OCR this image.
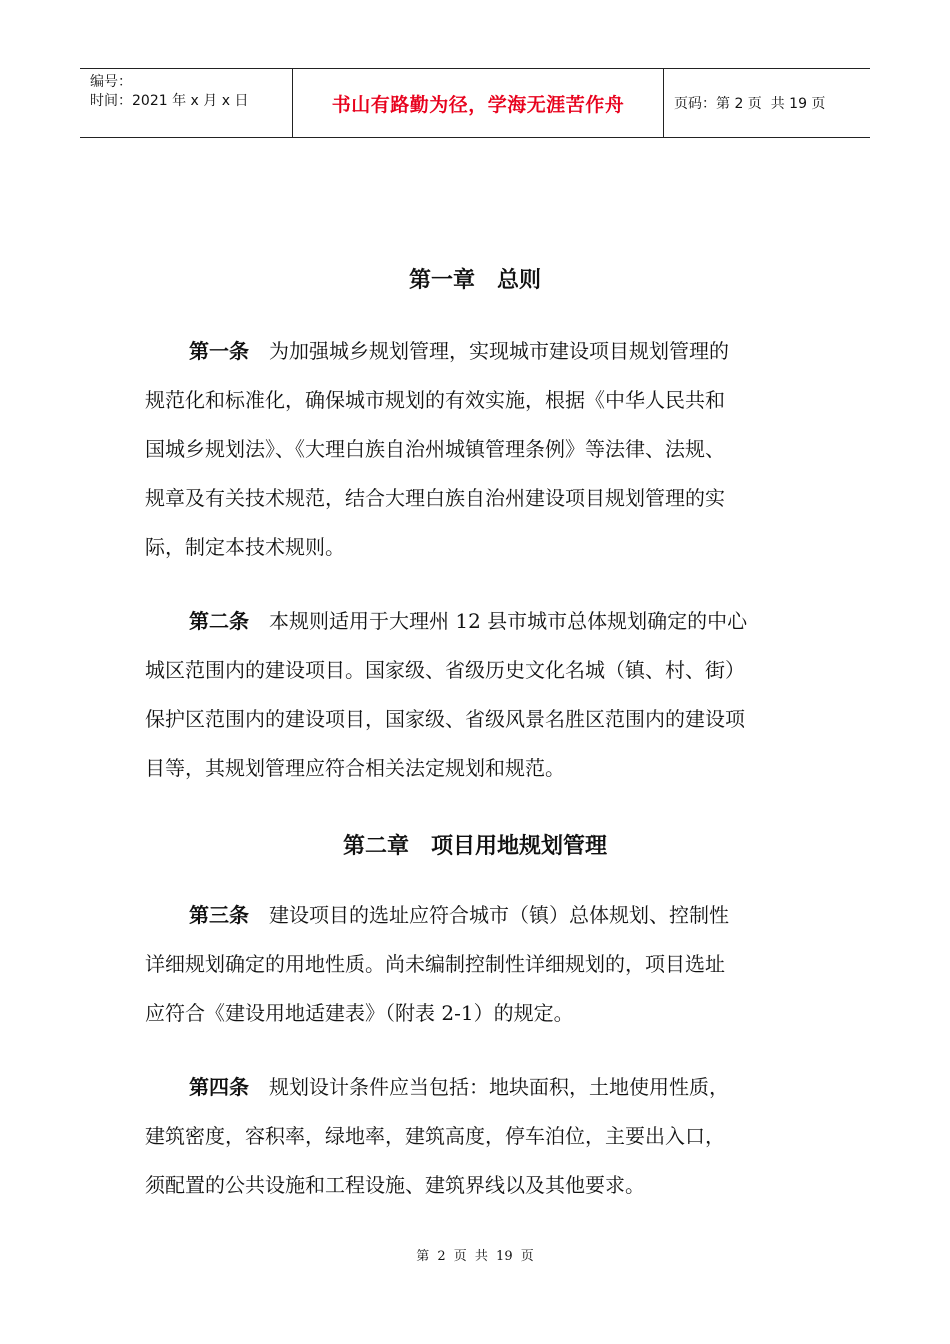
编号：
时间：2021 年 x 月 x 日	书山有路勤为径，学海无涯苦作舟	页码：第 2 页  共 19 页
第一章 总则
第一条 为加强城乡规划管理，实现城市建设项目规划管理的
规范化和标准化，确保城市规划的有效实施，根据《中华人民共和
国城乡规划法》、《大理白族自治州城镇管理条例》等法律、法规、
规章及有关技术规范，结合大理白族自治州建设项目规划管理的实
际，制定本技术规则。
第二条 本规则适用于大理州 12 县市城市总体规划确定的中心
城区范围内的建设项目。国家级、省级历史文化名城（镇、村、街）
保护区范围内的建设项目，国家级、省级风景名胜区范围内的建设项
目等，其规划管理应符合相关法定规划和规范。
第二章 项目用地规划管理
第三条 建设项目的选址应符合城市（镇）总体规划、控制性
详细规划确定的用地性质。尚未编制控制性详细规划的，项目选址
应符合《建设用地适建表》（附表 2-1）的规定。
第四条 规划设计条件应当包括：地块面积，土地使用性质，
建筑密度，容积率，绿地率，建筑高度，停车泊位，主要出入口，
须配置的公共设施和工程设施、建筑界线以及其他要求。
第 2 页 共 19 页
